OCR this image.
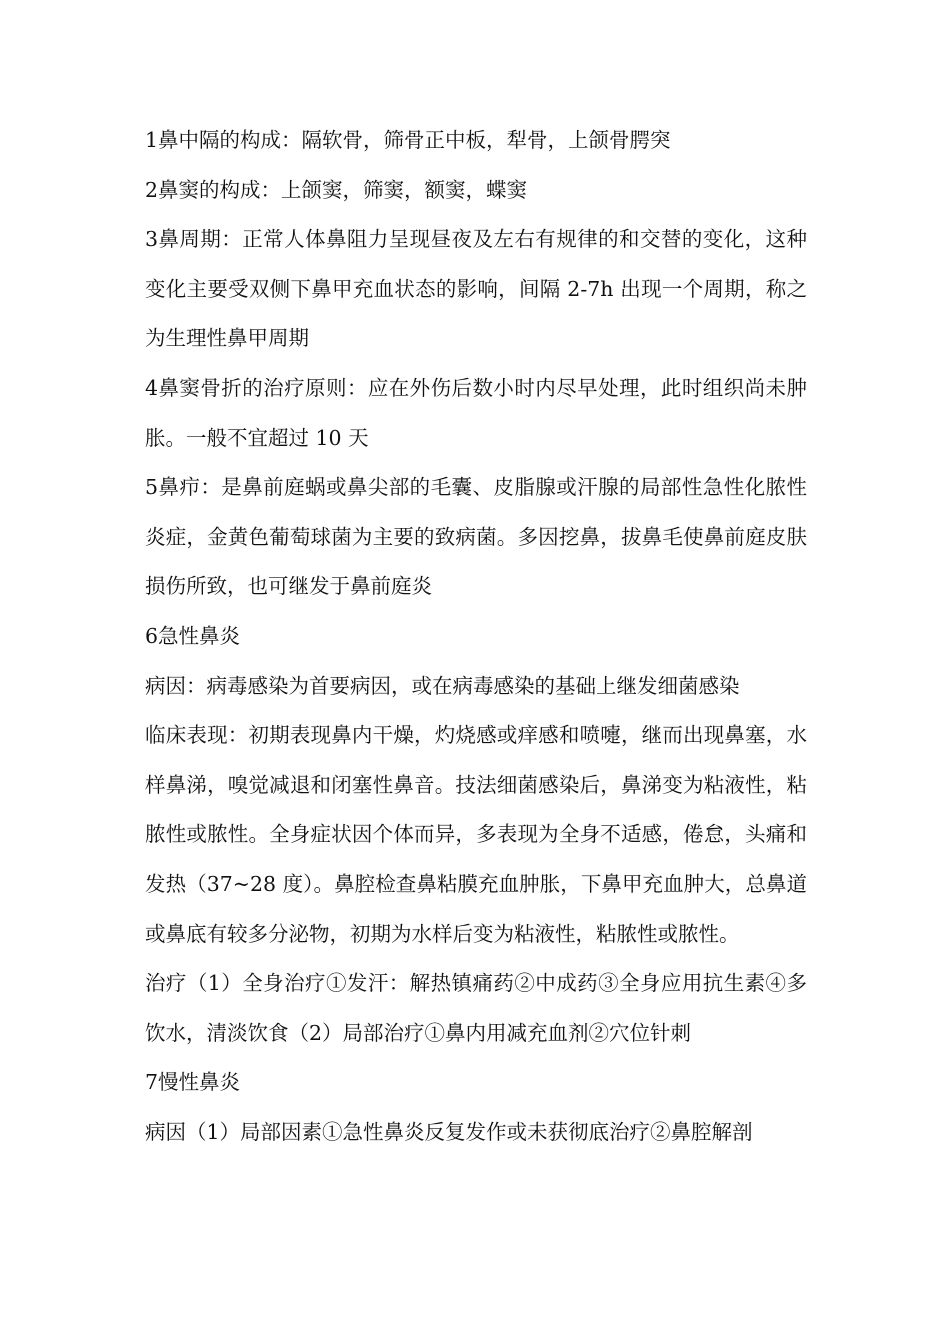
1鼻中隔的构成：隔软骨，筛骨正中板，犁骨，上颌骨腭突

2鼻窦的构成：上颌窦，筛窦，额窦，蝶窦

3鼻周期：正常人体鼻阻力呈现昼夜及左右有规律的和交替的变化，这种变化主要受双侧下鼻甲充血状态的影响，间隔 2-7h 出现一个周期，称之为生理性鼻甲周期

4鼻窦骨折的治疗原则：应在外伤后数小时内尽早处理，此时组织尚未肿胀。一般不宜超过 10 天

5鼻疖：是鼻前庭蜗或鼻尖部的毛囊、皮脂腺或汗腺的局部性急性化脓性炎症，金黄色葡萄球菌为主要的致病菌。多因挖鼻，拔鼻毛使鼻前庭皮肤损伤所致，也可继发于鼻前庭炎

6急性鼻炎

病因：病毒感染为首要病因，或在病毒感染的基础上继发细菌感染

临床表现：初期表现鼻内干燥，灼烧感或痒感和喷嚏，继而出现鼻塞，水样鼻涕，嗅觉减退和闭塞性鼻音。技法细菌感染后，鼻涕变为粘液性，粘脓性或脓性。全身症状因个体而异，多表现为全身不适感，倦怠，头痛和发热（37~28 度）。鼻腔检查鼻粘膜充血肿胀，下鼻甲充血肿大，总鼻道或鼻底有较多分泌物，初期为水样后变为粘液性，粘脓性或脓性。

治疗（1）全身治疗①发汗：解热镇痛药②中成药③全身应用抗生素④多饮水，清淡饮食（2）局部治疗①鼻内用减充血剂②穴位针刺

7慢性鼻炎

病因（1）局部因素①急性鼻炎反复发作或未获彻底治疗②鼻腔解剖
